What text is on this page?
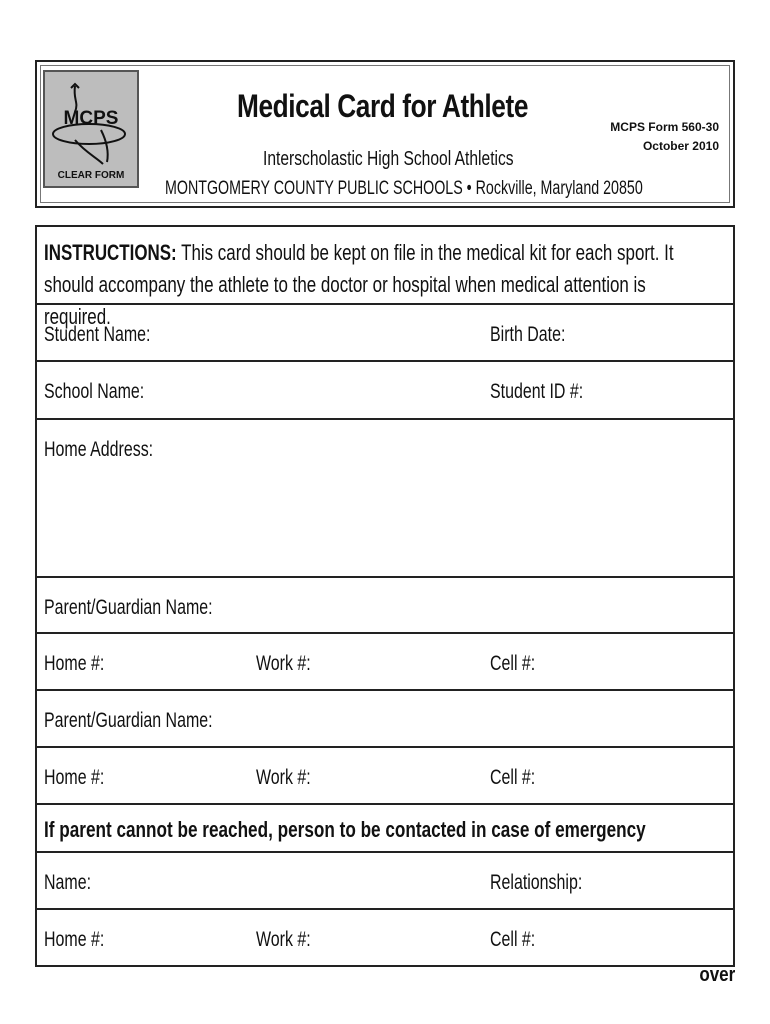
MCPS
CLEAR FORM
Medical Card for Athlete
Interscholastic High School Athletics
MONTGOMERY COUNTY PUBLIC SCHOOLS • Rockville, Maryland 20850
MCPS Form 560-30
October 2010
INSTRUCTIONS: This card should be kept on file in the medical kit for each sport. It should accompany the athlete to the doctor or hospital when medical attention is required.
Student Name:	Birth Date:
School Name:	Student ID #:
Home Address:
Parent/Guardian Name:
Home #:	Work #:	Cell #:
Parent/Guardian Name:
Home #:	Work #:	Cell #:
If parent cannot be reached, person to be contacted in case of emergency
Name:	Relationship:
Home #:	Work #:	Cell #:
over
